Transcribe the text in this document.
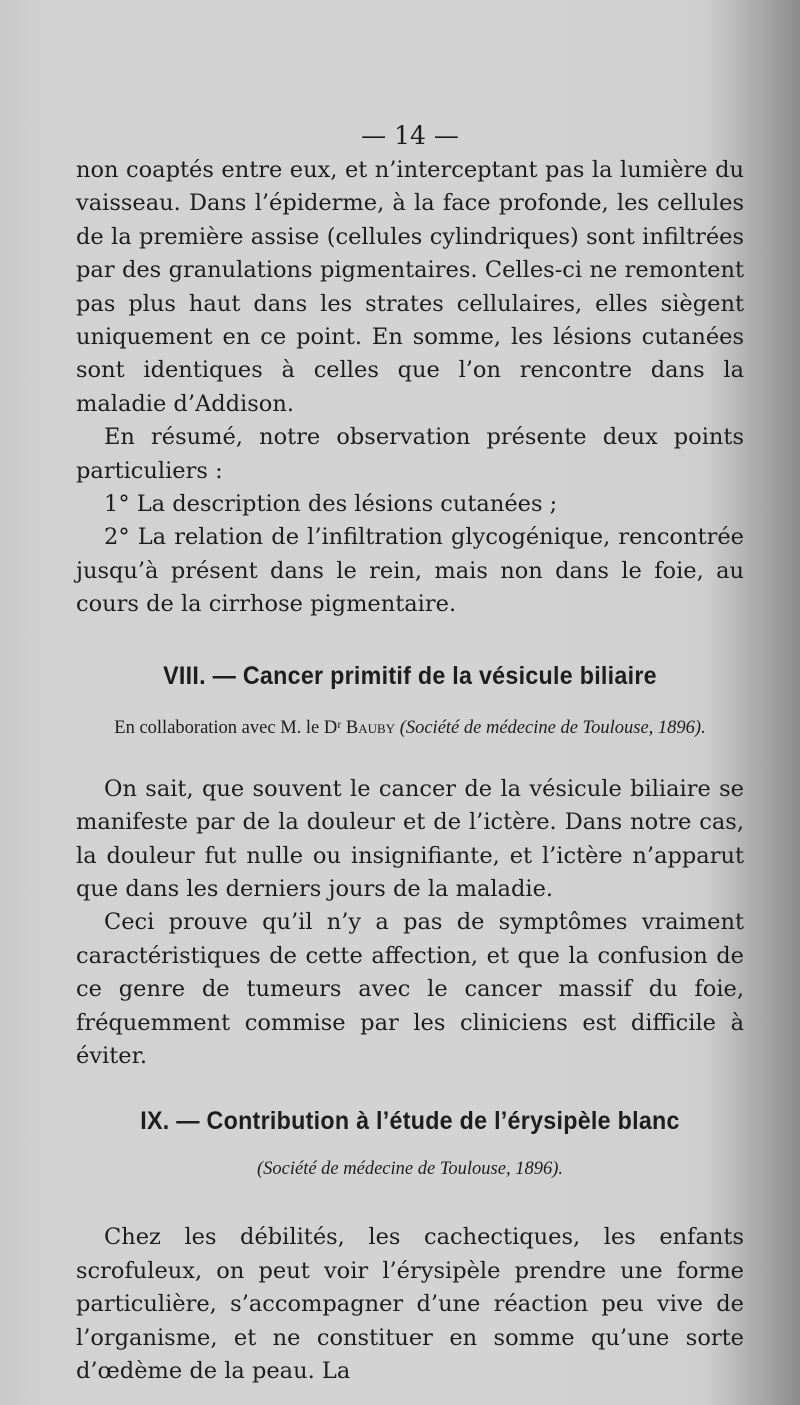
— 14 —

non coaptés entre eux, et n’interceptant pas la lumière du vaisseau. Dans l’épiderme, à la face profonde, les cellules de la première assise (cellules cylindriques) sont infiltrées par des granulations pigmentaires. Celles-ci ne remontent pas plus haut dans les strates cellulaires, elles siègent uniquement en ce point. En somme, les lésions cutanées sont identiques à celles que l’on rencontre dans la maladie d’Addison.

En résumé, notre observation présente deux points particuliers :

1° La description des lésions cutanées ;

2° La relation de l’infiltration glycogénique, rencontrée jusqu’à présent dans le rein, mais non dans le foie, au cours de la cirrhose pigmentaire.

VIII. — Cancer primitif de la vésicule biliaire

En collaboration avec M. le Dʳ Bauby (Société de médecine de Toulouse, 1896).

On sait, que souvent le cancer de la vésicule biliaire se manifeste par de la douleur et de l’ictère. Dans notre cas, la douleur fut nulle ou insignifiante, et l’ictère n’apparut que dans les derniers jours de la maladie.

Ceci prouve qu’il n’y a pas de symptômes vraiment caractéristiques de cette affection, et que la confusion de ce genre de tumeurs avec le cancer massif du foie, fréquemment commise par les cliniciens est difficile à éviter.

IX. — Contribution à l’étude de l’érysipèle blanc

(Société de médecine de Toulouse, 1896).

Chez les débilités, les cachectiques, les enfants scrofuleux, on peut voir l’érysipèle prendre une forme particulière, s’accompagner d’une réaction peu vive de l’organisme, et ne constituer en somme qu’une sorte d’œdème de la peau. La
